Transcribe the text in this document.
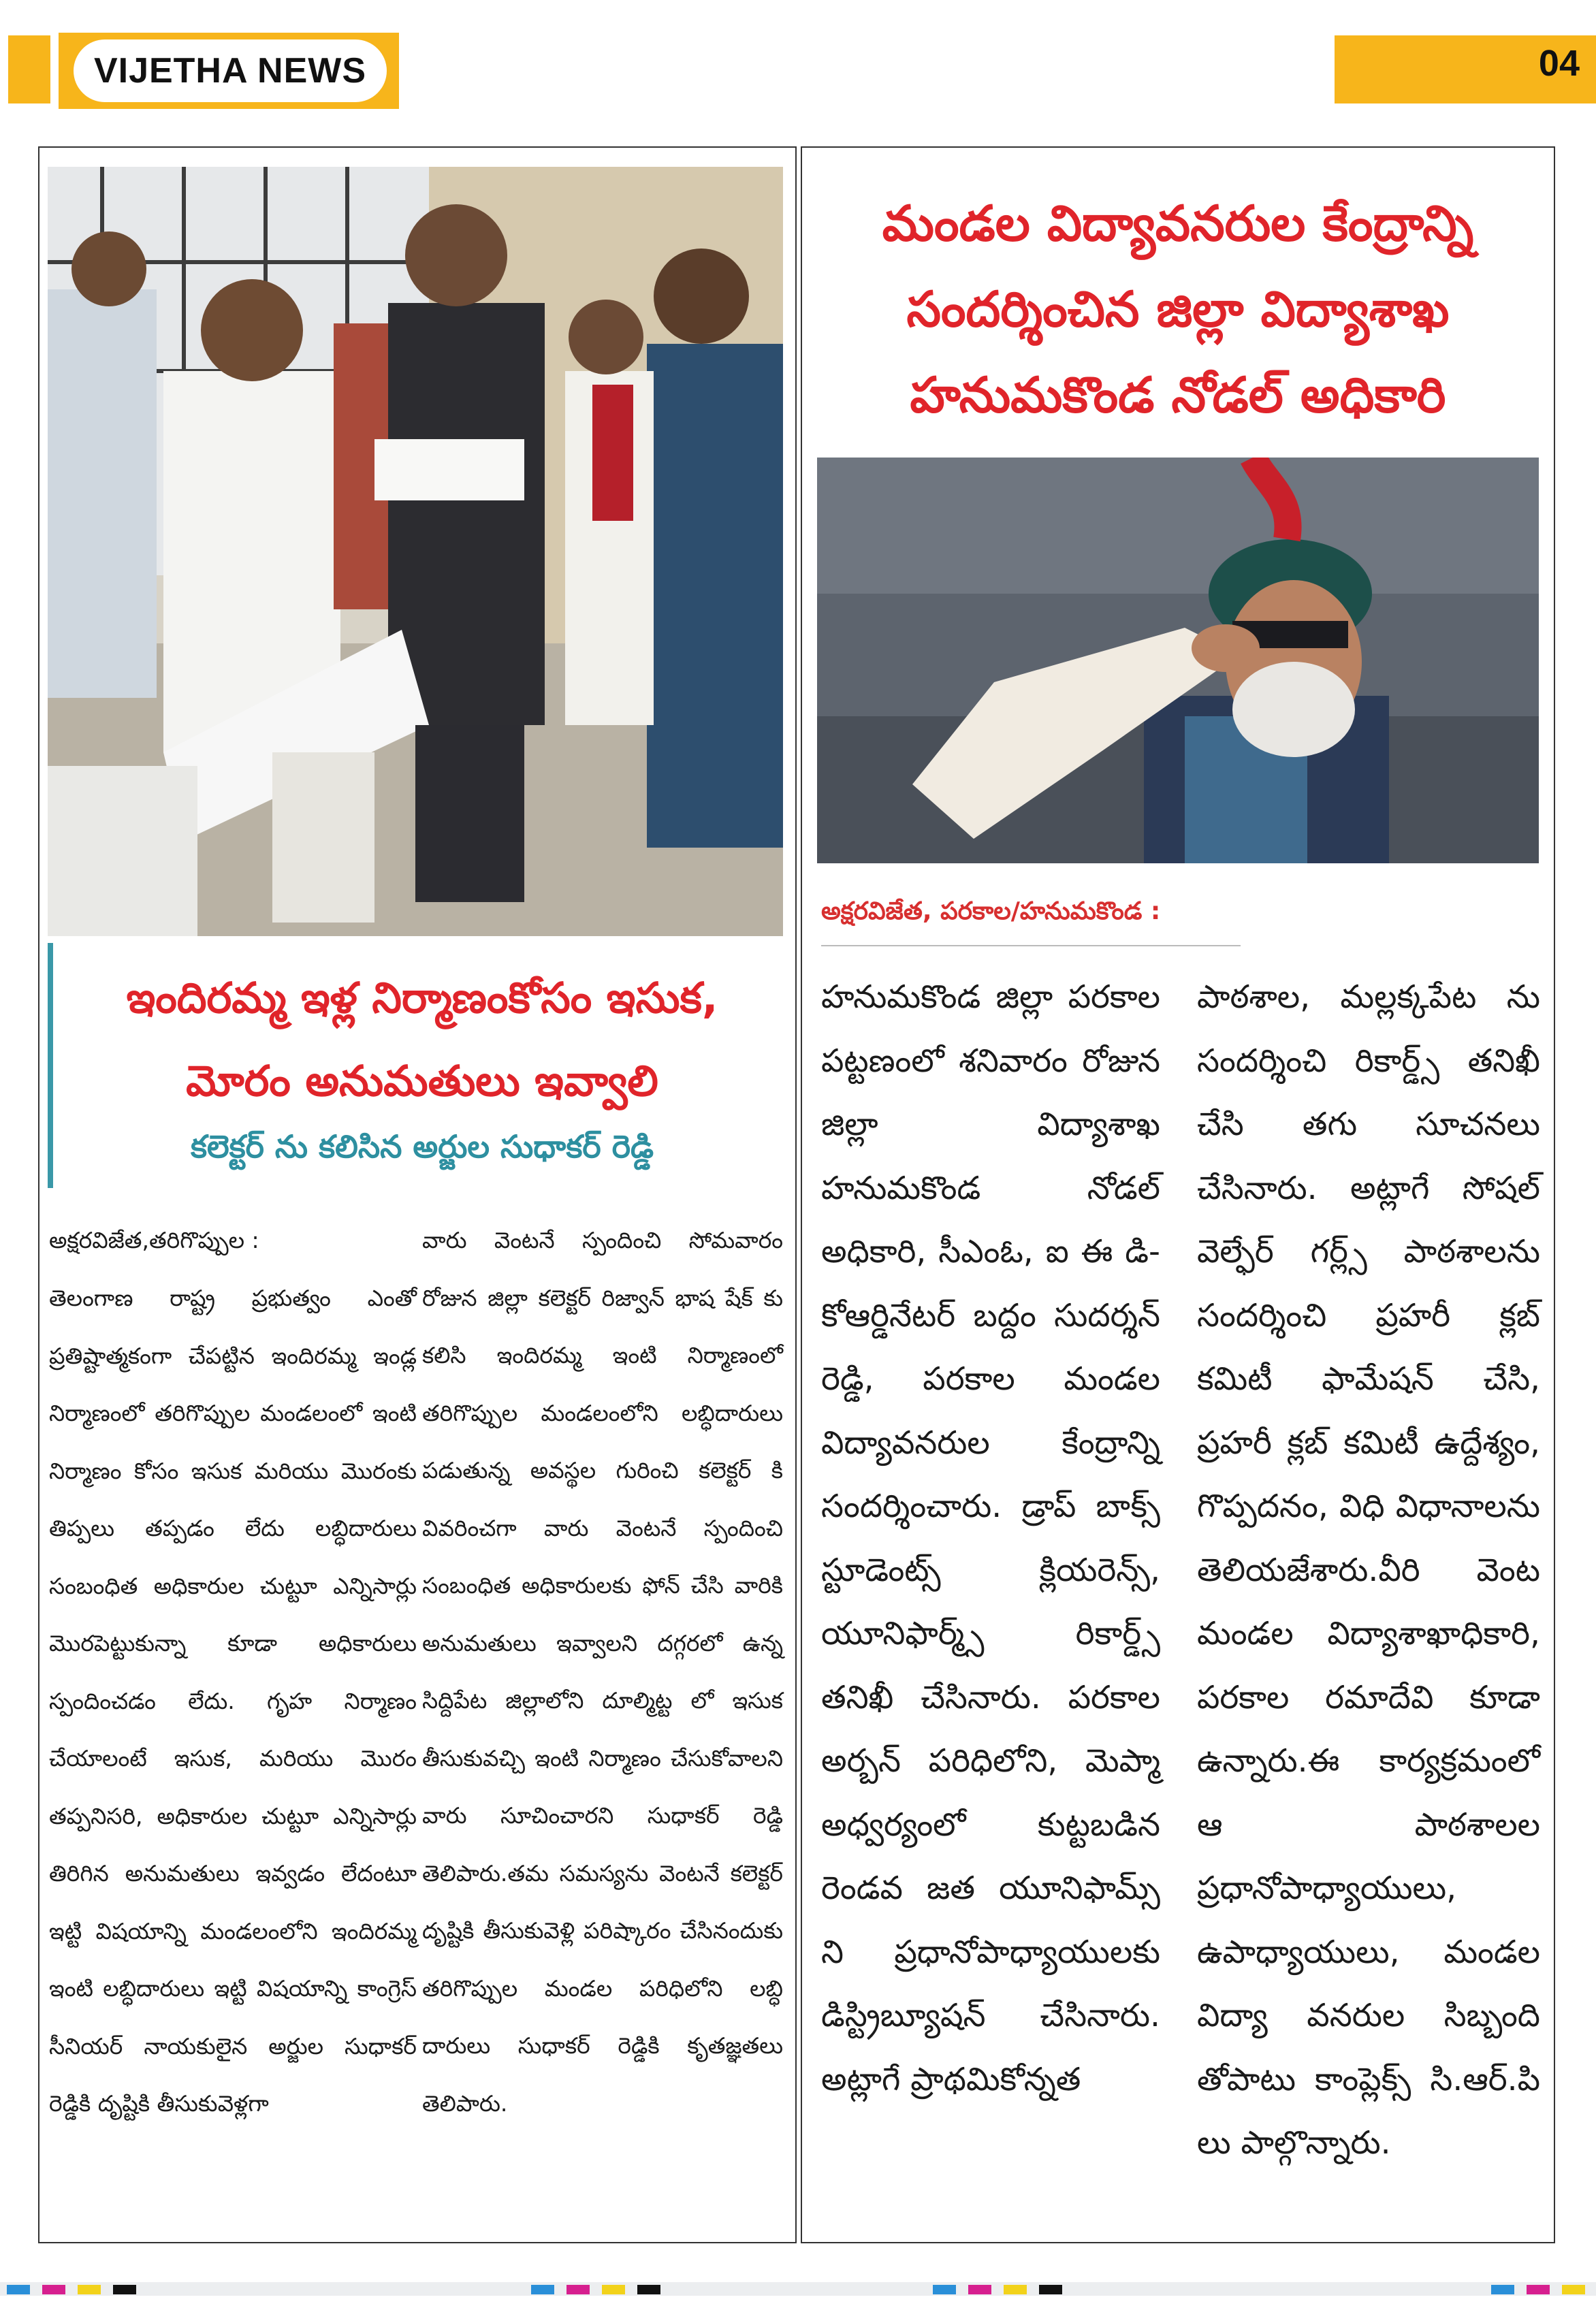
VIJETHA NEWS	04
ఇందిరమ్మ ఇళ్ల నిర్మాణంకోసం ఇసుక, మోరం అనుమతులు ఇవ్వాలి
కలెక్టర్ ను కలిసిన అర్జుల సుధాకర్ రెడ్డి
అక్షరవిజేత,తరిగొప్పుల :
తెలంగాణ రాష్ట్ర ప్రభుత్వం ఎంతో ప్రతిష్టాత్మకంగా చేపట్టిన ఇందిరమ్మ ఇండ్ల నిర్మాణంలో తరిగొప్పుల మండలంలో ఇంటి నిర్మాణం కోసం ఇసుక మరియు మొరంకు తిప్పలు తప్పడం లేదు లబ్ధిదారులు సంబంధిత అధికారుల చుట్టూ ఎన్నిసార్లు మొరపెట్టుకున్నా కూడా అధికారులు స్పందించడం లేదు. గృహ నిర్మాణం చేయాలంటే ఇసుక, మరియు మొరం తప్పనిసరి, అధికారుల చుట్టూ ఎన్నిసార్లు తిరిగిన అనుమతులు ఇవ్వడం లేదంటూ ఇట్టి విషయాన్ని మండలంలోని ఇందిరమ్మ ఇంటి లబ్ధిదారులు ఇట్టి విషయాన్ని కాంగ్రెస్ సీనియర్ నాయకులైన అర్జుల సుధాకర్ రెడ్డికి దృష్టికి తీసుకువెళ్లగా
వారు వెంటనే స్పందించి సోమవారం రోజున జిల్లా కలెక్టర్ రిజ్వాన్ భాష షేక్ కు కలిసి ఇందిరమ్మ ఇంటి నిర్మాణంలో తరిగొప్పుల మండలంలోని లబ్ధిదారులు పడుతున్న అవస్థల గురించి కలెక్టర్ కి వివరించగా వారు వెంటనే స్పందించి సంబంధిత అధికారులకు ఫోన్ చేసి వారికి అనుమతులు ఇవ్వాలని దగ్గరలో ఉన్న సిద్దిపేట జిల్లాలోని దూల్మిట్ట లో ఇసుక తీసుకువచ్చి ఇంటి నిర్మాణం చేసుకోవాలని వారు సూచించారని సుధాకర్ రెడ్డి తెలిపారు.తమ సమస్యను వెంటనే కలెక్టర్ దృష్టికి తీసుకువెళ్లి పరిష్కారం చేసినందుకు తరిగొప్పుల మండల పరిధిలోని లబ్ధి దారులు సుధాకర్ రెడ్డికి కృతజ్ఞతలు తెలిపారు.
మండల విద్యావనరుల కేంద్రాన్ని సందర్శించిన జిల్లా విద్యాశాఖ హనుమకొండ నోడల్ అధికారి
అక్షరవిజేత, పరకాల/హనుమకొండ :
హనుమకొండ జిల్లా పరకాల పట్టణంలో శనివారం రోజున జిల్లా విద్యాశాఖ హనుమకొండ నోడల్ అధికారి, సీఎంఓ, ఐ ఈ డి-కోఆర్డినేటర్ బద్దం సుదర్శన్ రెడ్డి, పరకాల మండల విద్యావనరుల కేంద్రాన్ని సందర్శించారు. డ్రాప్ బాక్స్ స్టూడెంట్స్ క్లియరెన్స్, యూనిఫార్మ్స్ రికార్డ్స్ తనిఖీ చేసినారు. పరకాల అర్బన్ పరిధిలోని, మెప్మా అధ్వర్యంలో కుట్టబడిన రెండవ జత యూనిఫామ్స్ ని ప్రధానోపాధ్యాయులకు డిస్ట్రిబ్యూషన్ చేసినారు. అట్లాగే ప్రాథమికోన్నత
పాఠశాల, మల్లక్కపేట ను సందర్శించి రికార్డ్స్ తనిఖీ చేసి తగు సూచనలు చేసినారు. అట్లాగే సోషల్ వెల్ఫేర్ గర్ల్స్ పాఠశాలను సందర్శించి ప్రహరీ క్లబ్ కమిటీ ఫామేషన్ చేసి, ప్రహరీ క్లబ్ కమిటీ ఉద్దేశ్యం, గొప్పదనం, విధి విధానాలను తెలియజేశారు.వీరి వెంట మండల విద్యాశాఖాధికారి, పరకాల రమాదేవి కూడా ఉన్నారు.ఈ కార్యక్రమంలో ఆ పాఠశాలల ప్రధానోపాధ్యాయులు, ఉపాధ్యాయులు, మండల విద్యా వనరుల సిబ్బంది తోపాటు కాంప్లెక్స్ సి.ఆర్.పి లు పాల్గొన్నారు.
